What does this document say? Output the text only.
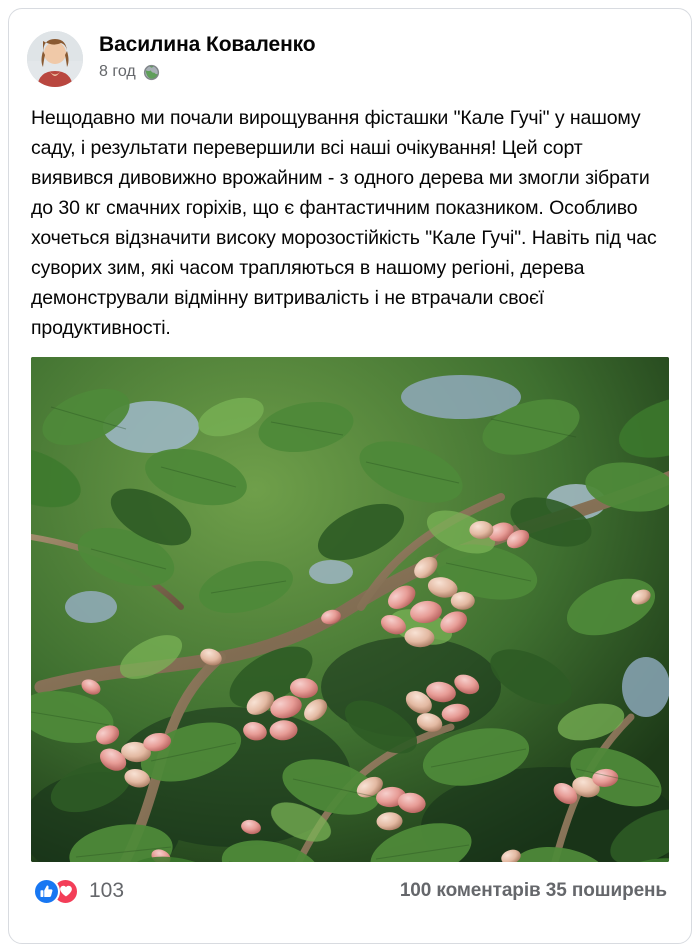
Василина Коваленко
8 год
Нещодавно ми почали вирощування фісташки "Кале Гучі" у нашому саду, і результати перевершили всі наші очікування! Цей сорт виявився дивовижно врожайним - з одного дерева ми змогли зібрати до 30 кг смачних горіхів, що є фантастичним показником. Особливо хочеться відзначити високу морозостійкість "Кале Гучі". Навіть під час суворих зим, які часом трапляються в нашому регіоні, дерева демонстрували відмінну витривалість і не втрачали своєї продуктивності.
103	100 коментарів 35 поширень
